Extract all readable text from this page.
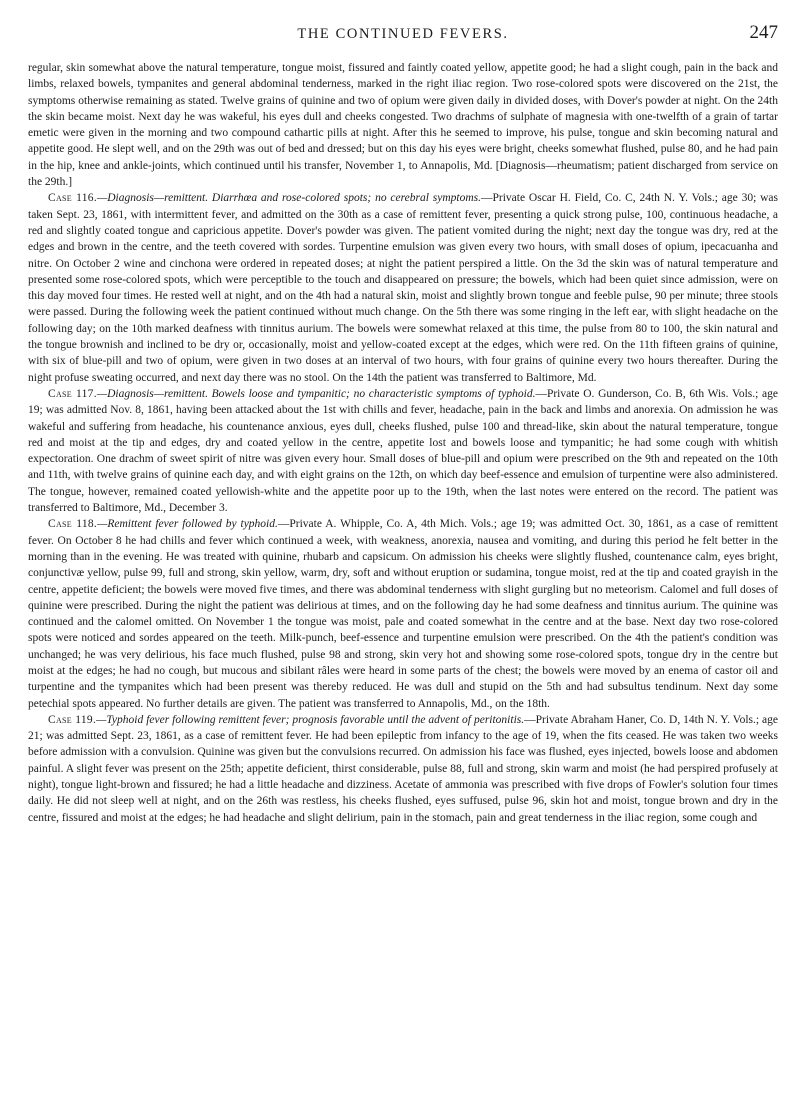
THE CONTINUED FEVERS.	247

regular, skin somewhat above the natural temperature, tongue moist, fissured and faintly coated yellow, appetite good; he had a slight cough, pain in the back and limbs, relaxed bowels, tympanites and general abdominal tenderness, marked in the right iliac region. Two rose-colored spots were discovered on the 21st, the symptoms otherwise remaining as stated. Twelve grains of quinine and two of opium were given daily in divided doses, with Dover's powder at night. On the 24th the skin became moist. Next day he was wakeful, his eyes dull and cheeks congested. Two drachms of sulphate of magnesia with one-twelfth of a grain of tartar emetic were given in the morning and two compound cathartic pills at night. After this he seemed to improve, his pulse, tongue and skin becoming natural and appetite good. He slept well, and on the 29th was out of bed and dressed; but on this day his eyes were bright, cheeks somewhat flushed, pulse 80, and he had pain in the hip, knee and ankle-joints, which continued until his transfer, November 1, to Annapolis, Md. [Diagnosis—rheumatism; patient discharged from service on the 29th.]

Case 116.—Diagnosis—remittent. Diarrhœa and rose-colored spots; no cerebral symptoms.—Private Oscar H. Field, Co. C, 24th N. Y. Vols.; age 30; was taken Sept. 23, 1861, with intermittent fever, and admitted on the 30th as a case of remittent fever, presenting a quick strong pulse, 100, continuous headache, a red and slightly coated tongue and capricious appetite. Dover's powder was given. The patient vomited during the night; next day the tongue was dry, red at the edges and brown in the centre, and the teeth covered with sordes. Turpentine emulsion was given every two hours, with small doses of opium, ipecacuanha and nitre. On October 2 wine and cinchona were ordered in repeated doses; at night the patient perspired a little. On the 3d the skin was of natural temperature and presented some rose-colored spots, which were perceptible to the touch and disappeared on pressure; the bowels, which had been quiet since admission, were on this day moved four times. He rested well at night, and on the 4th had a natural skin, moist and slightly brown tongue and feeble pulse, 90 per minute; three stools were passed. During the following week the patient continued without much change. On the 5th there was some ringing in the left ear, with slight headache on the following day; on the 10th marked deafness with tinnitus aurium. The bowels were somewhat relaxed at this time, the pulse from 80 to 100, the skin natural and the tongue brownish and inclined to be dry or, occasionally, moist and yellow-coated except at the edges, which were red. On the 11th fifteen grains of quinine, with six of blue-pill and two of opium, were given in two doses at an interval of two hours, with four grains of quinine every two hours thereafter. During the night profuse sweating occurred, and next day there was no stool. On the 14th the patient was transferred to Baltimore, Md.

Case 117.—Diagnosis—remittent. Bowels loose and tympanitic; no characteristic symptoms of typhoid.—Private O. Gunderson, Co. B, 6th Wis. Vols.; age 19; was admitted Nov. 8, 1861, having been attacked about the 1st with chills and fever, headache, pain in the back and limbs and anorexia. On admission he was wakeful and suffering from headache, his countenance anxious, eyes dull, cheeks flushed, pulse 100 and thread-like, skin about the natural temperature, tongue red and moist at the tip and edges, dry and coated yellow in the centre, appetite lost and bowels loose and tympanitic; he had some cough with whitish expectoration. One drachm of sweet spirit of nitre was given every hour. Small doses of blue-pill and opium were prescribed on the 9th and repeated on the 10th and 11th, with twelve grains of quinine each day, and with eight grains on the 12th, on which day beef-essence and emulsion of turpentine were also administered. The tongue, however, remained coated yellowish-white and the appetite poor up to the 19th, when the last notes were entered on the record. The patient was transferred to Baltimore, Md., December 3.

Case 118.—Remittent fever followed by typhoid.—Private A. Whipple, Co. A, 4th Mich. Vols.; age 19; was admitted Oct. 30, 1861, as a case of remittent fever. On October 8 he had chills and fever which continued a week, with weakness, anorexia, nausea and vomiting, and during this period he felt better in the morning than in the evening. He was treated with quinine, rhubarb and capsicum. On admission his cheeks were slightly flushed, countenance calm, eyes bright, conjunctivæ yellow, pulse 99, full and strong, skin yellow, warm, dry, soft and without eruption or sudamina, tongue moist, red at the tip and coated grayish in the centre, appetite deficient; the bowels were moved five times, and there was abdominal tenderness with slight gurgling but no meteorism. Calomel and full doses of quinine were prescribed. During the night the patient was delirious at times, and on the following day he had some deafness and tinnitus aurium. The quinine was continued and the calomel omitted. On November 1 the tongue was moist, pale and coated somewhat in the centre and at the base. Next day two rose-colored spots were noticed and sordes appeared on the teeth. Milk-punch, beef-essence and turpentine emulsion were prescribed. On the 4th the patient's condition was unchanged; he was very delirious, his face much flushed, pulse 98 and strong, skin very hot and showing some rose-colored spots, tongue dry in the centre but moist at the edges; he had no cough, but mucous and sibilant râles were heard in some parts of the chest; the bowels were moved by an enema of castor oil and turpentine and the tympanites which had been present was thereby reduced. He was dull and stupid on the 5th and had subsultus tendinum. Next day some petechial spots appeared. No further details are given. The patient was transferred to Annapolis, Md., on the 18th.

Case 119.—Typhoid fever following remittent fever; prognosis favorable until the advent of peritonitis.—Private Abraham Haner, Co. D, 14th N. Y. Vols.; age 21; was admitted Sept. 23, 1861, as a case of remittent fever. He had been epileptic from infancy to the age of 19, when the fits ceased. He was taken two weeks before admission with a convulsion. Quinine was given but the convulsions recurred. On admission his face was flushed, eyes injected, bowels loose and abdomen painful. A slight fever was present on the 25th; appetite deficient, thirst considerable, pulse 88, full and strong, skin warm and moist (he had perspired profusely at night), tongue light-brown and fissured; he had a little headache and dizziness. Acetate of ammonia was prescribed with five drops of Fowler's solution four times daily. He did not sleep well at night, and on the 26th was restless, his cheeks flushed, eyes suffused, pulse 96, skin hot and moist, tongue brown and dry in the centre, fissured and moist at the edges; he had headache and slight delirium, pain in the stomach, pain and great tenderness in the iliac region, some cough and
